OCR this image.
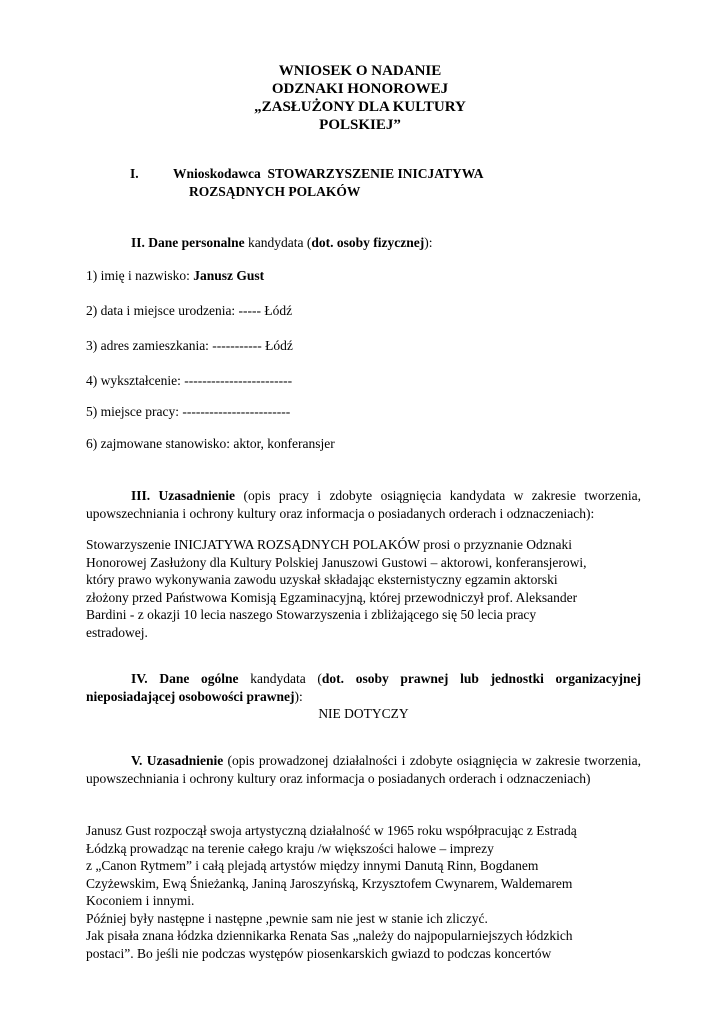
WNIOSEK O NADANIE
ODZNAKI HONOROWEJ
„ZASŁUŻONY DLA KULTURY
POLSKIEJ”
I.	Wnioskodawca STOWARZYSZENIE INICJATYWA
ROZSĄDNYCH POLAKÓW
II. Dane personalne kandydata (dot. osoby fizycznej):
1) imię i nazwisko: Janusz Gust
2) data i miejsce urodzenia: ----- Łódź
3) adres zamieszkania: ----------- Łódź
4) wykształcenie: ------------------------
5) miejsce pracy: ------------------------
6) zajmowane stanowisko: aktor, konferansjer
III. Uzasadnienie (opis pracy i zdobyte osiągnięcia kandydata w zakresie tworzenia, upowszechniania i ochrony kultury oraz informacja o posiadanych orderach i odznaczeniach):
Stowarzyszenie INICJATYWA ROZSĄDNYCH POLAKÓW prosi o przyznanie Odznaki
Honorowej Zasłużony dla Kultury Polskiej Januszowi Gustowi – aktorowi, konferansjerowi,
który prawo wykonywania zawodu uzyskał składając eksternistyczny egzamin aktorski
złożony przed Państwowa Komisją Egzaminacyjną, której przewodniczył prof. Aleksander
Bardini - z okazji 10 lecia naszego Stowarzyszenia i zbliżającego się 50 lecia pracy
estradowej.
IV. Dane ogólne kandydata (dot. osoby prawnej lub jednostki organizacyjnej nieposiadającej osobowości prawnej):
NIE DOTYCZY
V. Uzasadnienie (opis prowadzonej działalności i zdobyte osiągnięcia w zakresie tworzenia, upowszechniania i ochrony kultury oraz informacja o posiadanych orderach i odznaczeniach)
Janusz Gust rozpoczął swoja artystyczną działalność w 1965 roku współpracując z Estradą
Łódzką prowadząc na terenie całego kraju /w większości halowe – imprezy
z „Canon Rytmem” i całą plejadą artystów między innymi Danutą Rinn, Bogdanem
Czyżewskim, Ewą Śnieżanką, Janiną Jaroszyńską, Krzysztofem Cwynarem, Waldemarem
Koconiem i innymi.
Później były następne i następne ,pewnie sam nie jest w stanie ich zliczyć.
Jak pisała znana łódzka dziennikarka Renata Sas „należy do najpopularniejszych łódzkich
postaci”. Bo jeśli nie podczas występów piosenkarskich gwiazd to podczas koncertów
